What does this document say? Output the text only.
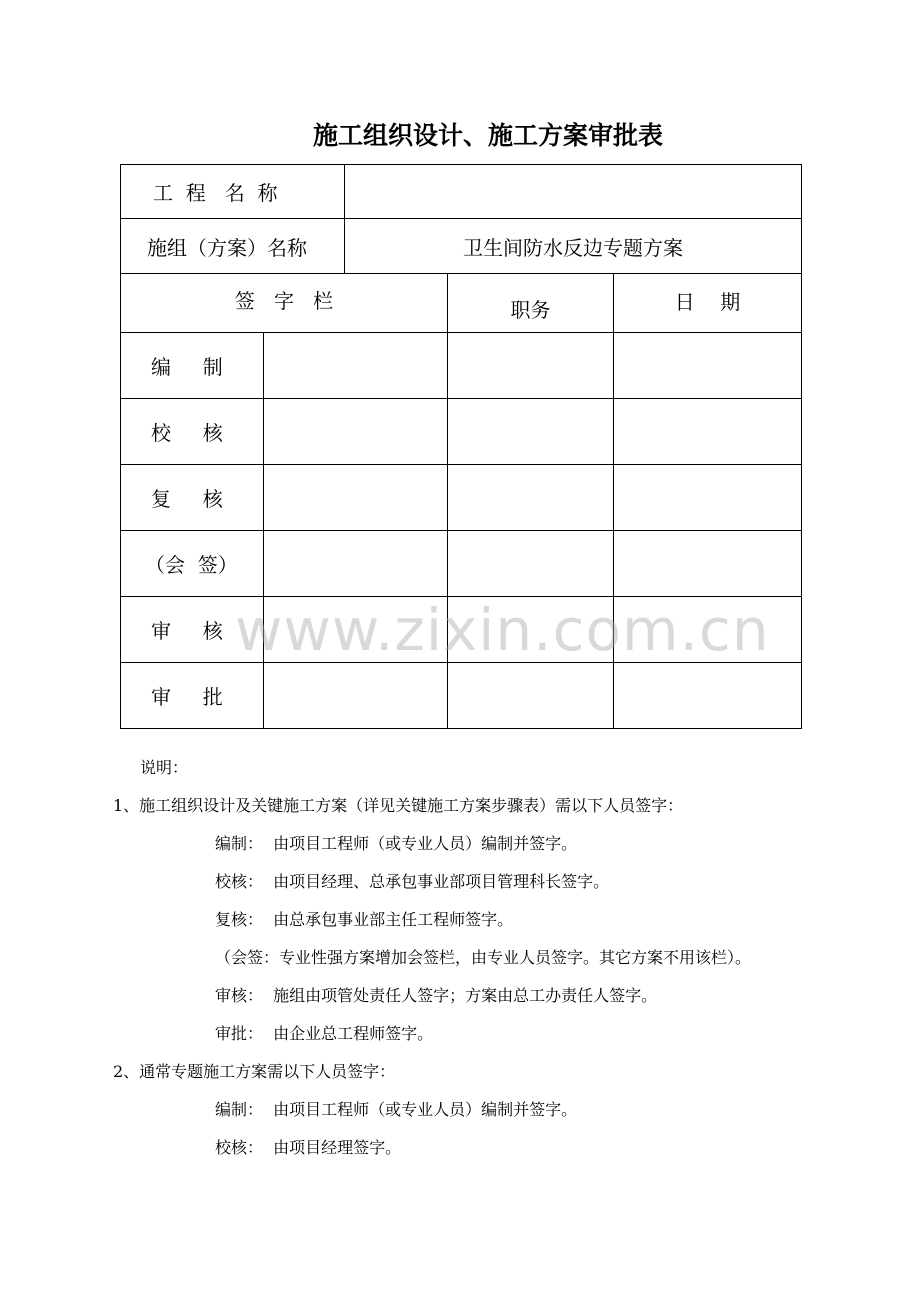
施工组织设计、施工方案审批表
工  程   名  称				
施组（方案）名称		卫生间防水反边专题方案		
签   字   栏			职务	日    期
编     制				
校     核				
复     核				
（会  签）				
审     核				
审     批				
www.zixin.com.cn
说明：
1、施工组织设计及关键施工方案（详见关键施工方案步骤表）需以下人员签字：
编制：  由项目工程师（或专业人员）编制并签字。
校核：  由项目经理、总承包事业部项目管理科长签字。
复核：  由总承包事业部主任工程师签字。
（会签：专业性强方案增加会签栏，由专业人员签字。其它方案不用该栏）。
审核：  施组由项管处责任人签字；方案由总工办责任人签字。
审批：  由企业总工程师签字。
2、通常专题施工方案需以下人员签字：
编制：  由项目工程师（或专业人员）编制并签字。
校核：  由项目经理签字。
